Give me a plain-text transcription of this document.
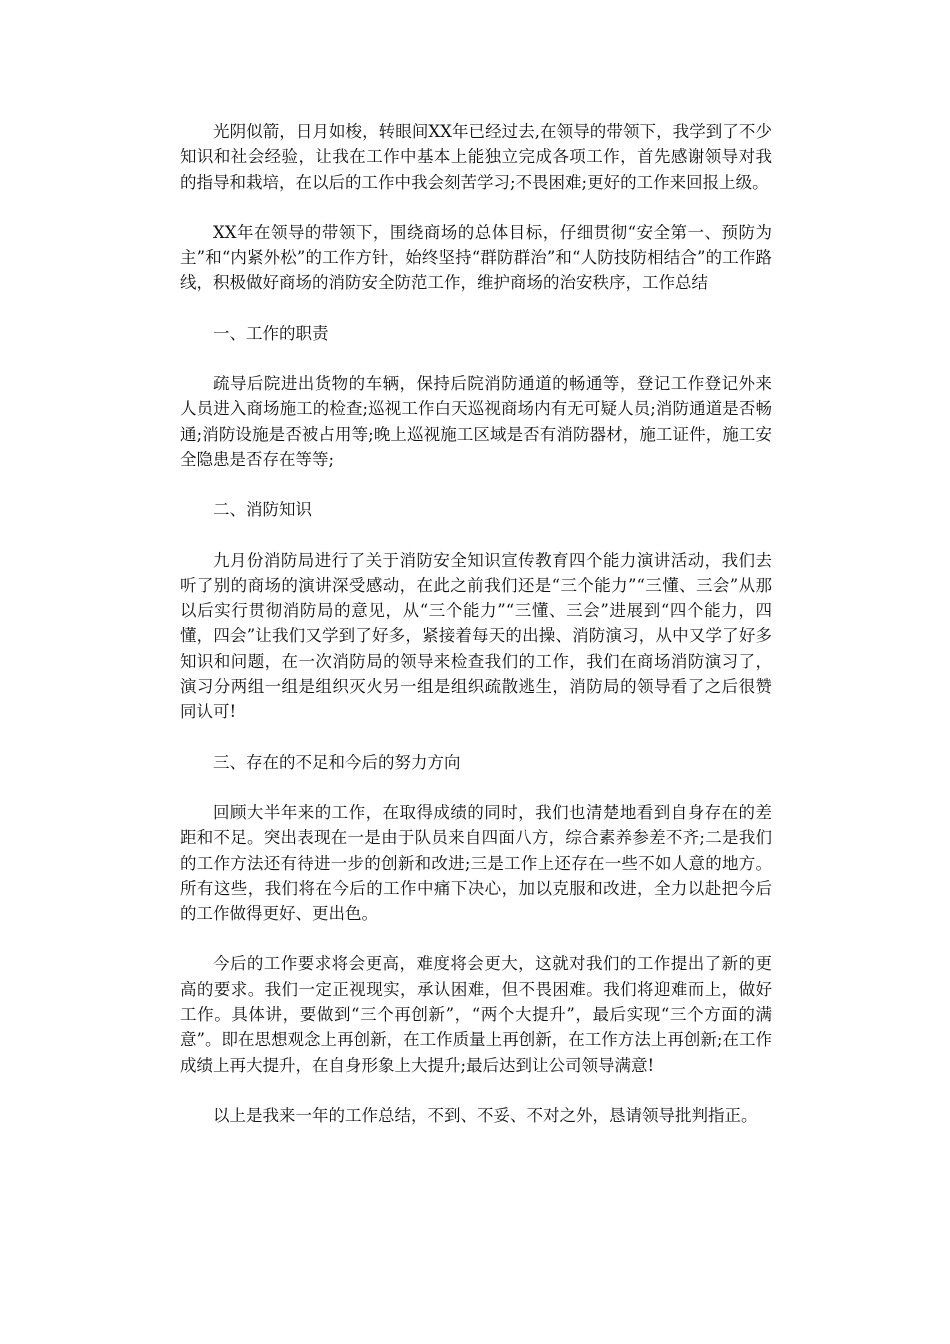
光阴似箭，日月如梭，转眼间XX年已经过去,在领导的带领下，我学到了不少知识和社会经验，让我在工作中基本上能独立完成各项工作，首先感谢领导对我的指导和栽培，在以后的工作中我会刻苦学习;不畏困难;更好的工作来回报上级。

XX年在领导的带领下，围绕商场的总体目标，仔细贯彻“安全第一、预防为主”和“内紧外松”的工作方针，始终坚持“群防群治”和“人防技防相结合”的工作路线，积极做好商场的消防安全防范工作，维护商场的治安秩序，工作总结

一、工作的职责

疏导后院进出货物的车辆，保持后院消防通道的畅通等，登记工作登记外来人员进入商场施工的检查;巡视工作白天巡视商场内有无可疑人员;消防通道是否畅通;消防设施是否被占用等;晚上巡视施工区域是否有消防器材，施工证件，施工安全隐患是否存在等等;

二、消防知识

九月份消防局进行了关于消防安全知识宣传教育四个能力演讲活动，我们去听了别的商场的演讲深受感动，在此之前我们还是“三个能力”“三懂、三会”从那以后实行贯彻消防局的意见，从“三个能力”“三懂、三会”进展到“四个能力，四懂，四会”让我们又学到了好多，紧接着每天的出操、消防演习，从中又学了好多知识和问题，在一次消防局的领导来检查我们的工作，我们在商场消防演习了，演习分两组一组是组织灭火另一组是组织疏散逃生，消防局的领导看了之后很赞同认可!

三、存在的不足和今后的努力方向

回顾大半年来的工作，在取得成绩的同时，我们也清楚地看到自身存在的差距和不足。突出表现在一是由于队员来自四面八方，综合素养参差不齐;二是我们的工作方法还有待进一步的创新和改进;三是工作上还存在一些不如人意的地方。所有这些，我们将在今后的工作中痛下决心，加以克服和改进，全力以赴把今后的工作做得更好、更出色。

今后的工作要求将会更高，难度将会更大，这就对我们的工作提出了新的更高的要求。我们一定正视现实，承认困难，但不畏困难。我们将迎难而上，做好工作。具体讲，要做到“三个再创新”，“两个大提升”，最后实现“三个方面的满意”。即在思想观念上再创新，在工作质量上再创新，在工作方法上再创新;在工作成绩上再大提升，在自身形象上大提升;最后达到让公司领导满意!

以上是我来一年的工作总结，不到、不妥、不对之外，恳请领导批判指正。
